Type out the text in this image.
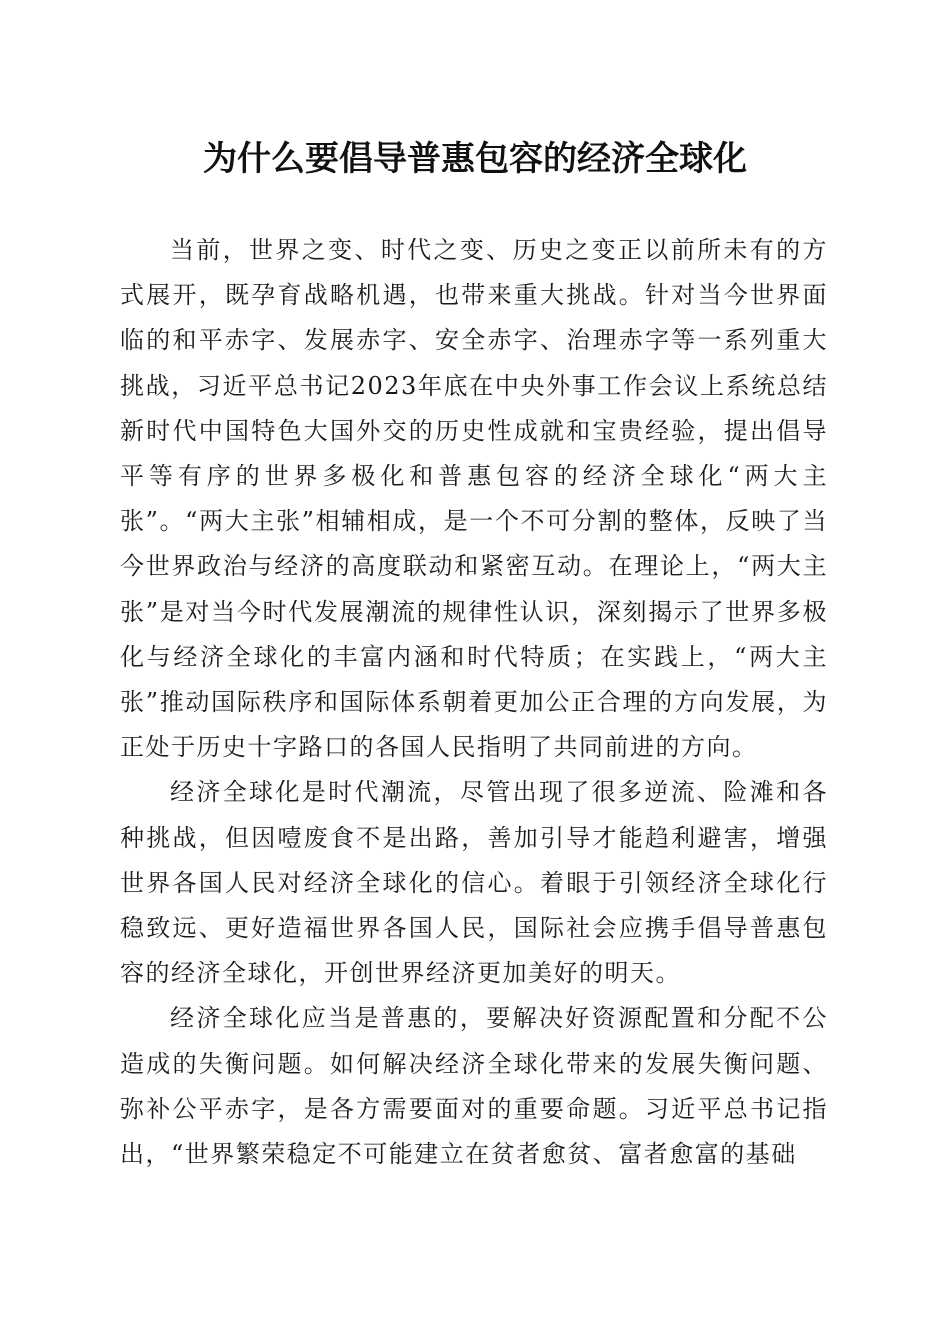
为什么要倡导普惠包容的经济全球化

当前，世界之变、时代之变、历史之变正以前所未有的方式展开，既孕育战略机遇，也带来重大挑战。针对当今世界面临的和平赤字、发展赤字、安全赤字、治理赤字等一系列重大挑战，习近平总书记2023年底在中央外事工作会议上系统总结新时代中国特色大国外交的历史性成就和宝贵经验，提出倡导平等有序的世界多极化和普惠包容的经济全球化“两大主张”。“两大主张”相辅相成，是一个不可分割的整体，反映了当今世界政治与经济的高度联动和紧密互动。在理论上，“两大主张”是对当今时代发展潮流的规律性认识，深刻揭示了世界多极化与经济全球化的丰富内涵和时代特质；在实践上，“两大主张”推动国际秩序和国际体系朝着更加公正合理的方向发展，为正处于历史十字路口的各国人民指明了共同前进的方向。

经济全球化是时代潮流，尽管出现了很多逆流、险滩和各种挑战，但因噎废食不是出路，善加引导才能趋利避害，增强世界各国人民对经济全球化的信心。着眼于引领经济全球化行稳致远、更好造福世界各国人民，国际社会应携手倡导普惠包容的经济全球化，开创世界经济更加美好的明天。

经济全球化应当是普惠的，要解决好资源配置和分配不公造成的失衡问题。如何解决经济全球化带来的发展失衡问题、弥补公平赤字，是各方需要面对的重要命题。习近平总书记指出，“世界繁荣稳定不可能建立在贫者愈贫、富者愈富的基础
